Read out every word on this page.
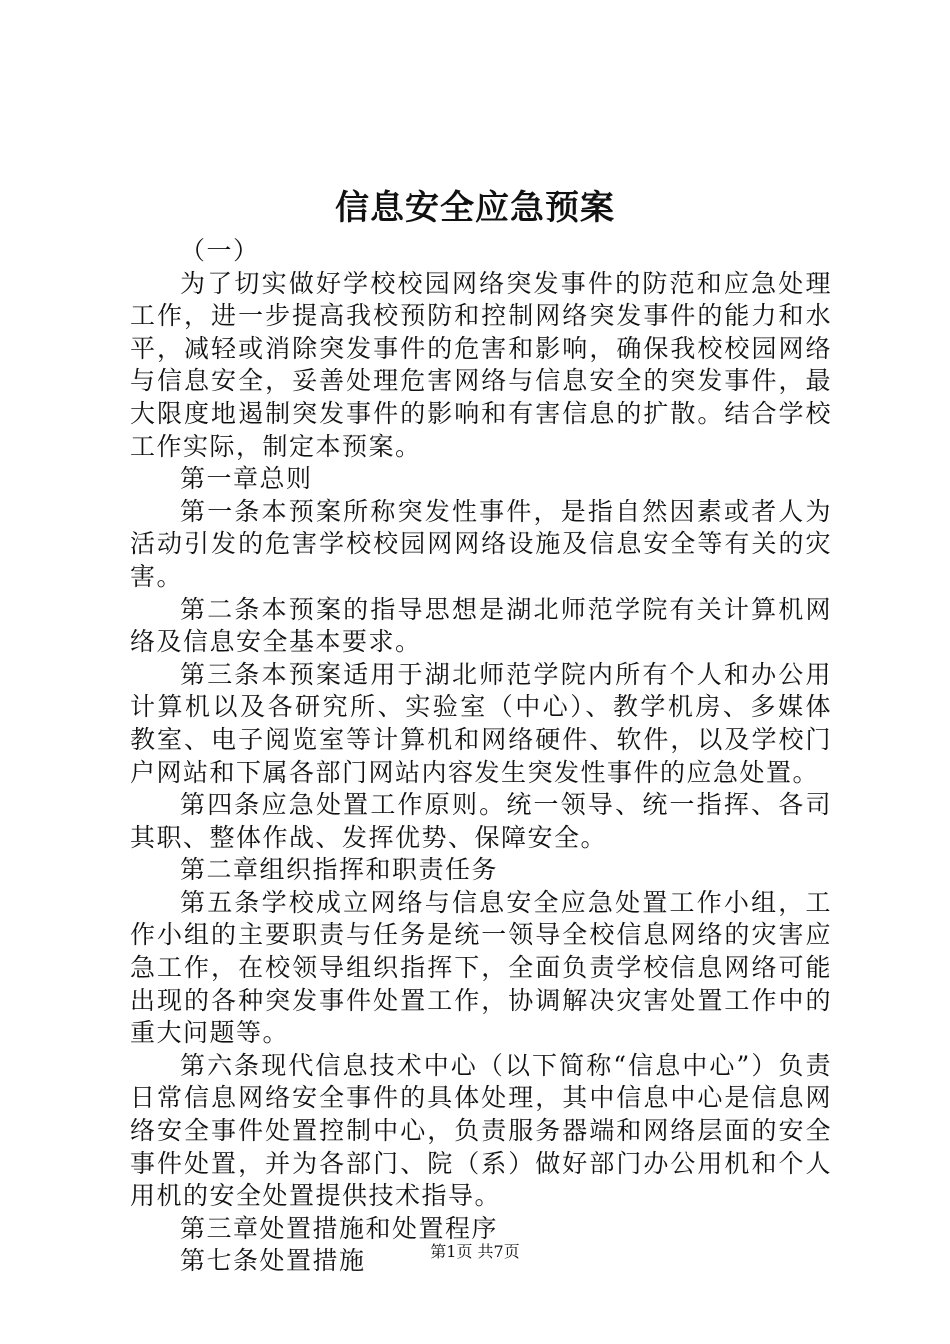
信息安全应急预案

（一）

为了切实做好学校校园网络突发事件的防范和应急处理工作，进一步提高我校预防和控制网络突发事件的能力和水平，减轻或消除突发事件的危害和影响，确保我校校园网络与信息安全，妥善处理危害网络与信息安全的突发事件，最大限度地遏制突发事件的影响和有害信息的扩散。结合学校工作实际，制定本预案。

第一章总则

第一条本预案所称突发性事件，是指自然因素或者人为活动引发的危害学校校园网网络设施及信息安全等有关的灾害。

第二条本预案的指导思想是湖北师范学院有关计算机网络及信息安全基本要求。

第三条本预案适用于湖北师范学院内所有个人和办公用计算机以及各研究所、实验室（中心）、教学机房、多媒体教室、电子阅览室等计算机和网络硬件、软件，以及学校门户网站和下属各部门网站内容发生突发性事件的应急处置。

第四条应急处置工作原则。统一领导、统一指挥、各司其职、整体作战、发挥优势、保障安全。

第二章组织指挥和职责任务

第五条学校成立网络与信息安全应急处置工作小组，工作小组的主要职责与任务是统一领导全校信息网络的灾害应急工作，在校领导组织指挥下，全面负责学校信息网络可能出现的各种突发事件处置工作，协调解决灾害处置工作中的重大问题等。

第六条现代信息技术中心（以下简称“信息中心”）负责日常信息网络安全事件的具体处理，其中信息中心是信息网络安全事件处置控制中心，负责服务器端和网络层面的安全事件处置，并为各部门、院（系）做好部门办公用机和个人用机的安全处置提供技术指导。

第三章处置措施和处置程序

第七条处置措施	第1页 共7页
